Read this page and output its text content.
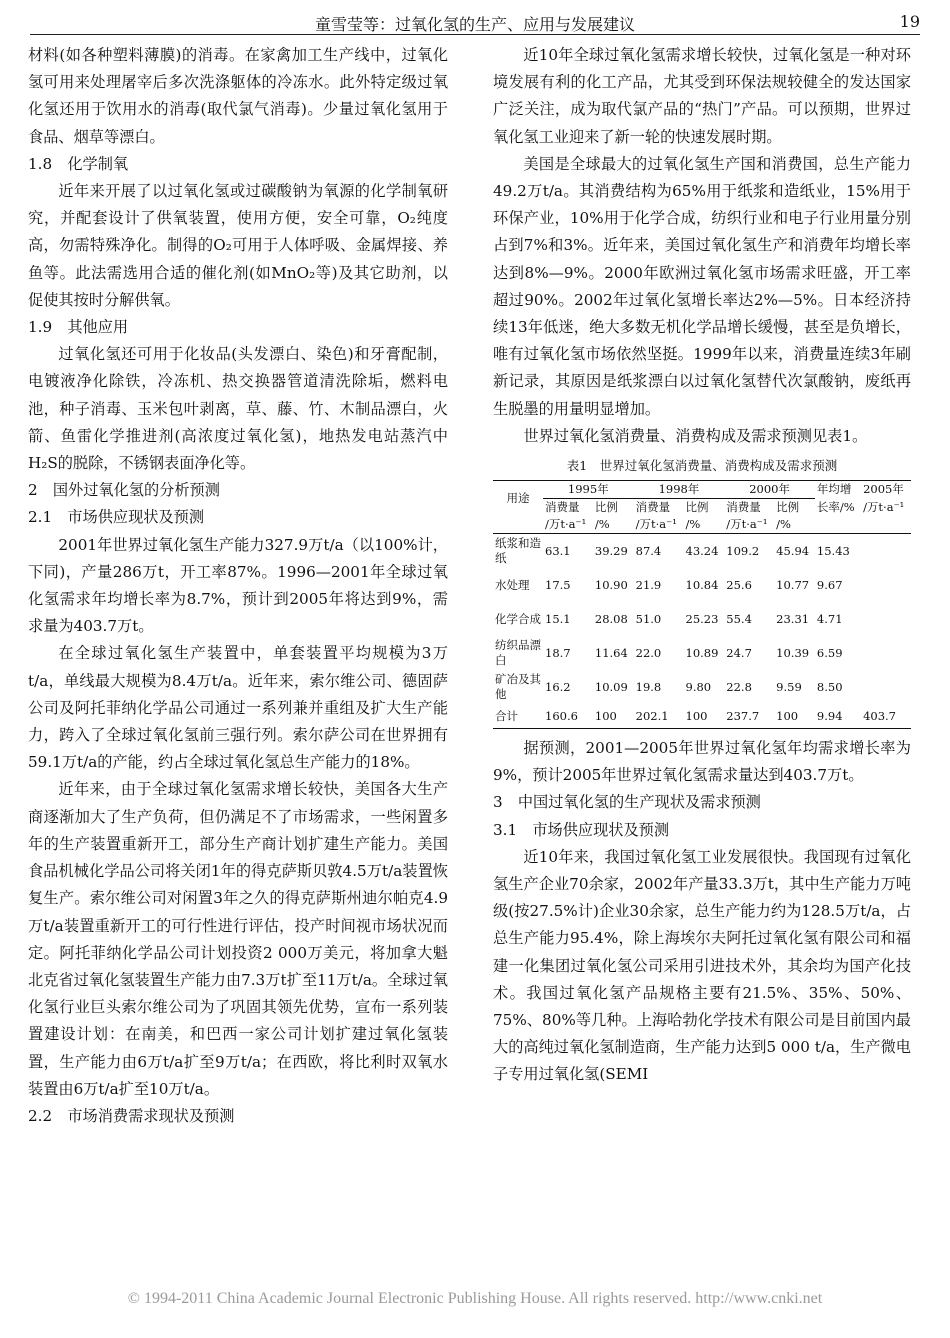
童雪莹等：过氧化氢的生产、应用与发展建议	19

材料(如各种塑料薄膜)的消毒。在家禽加工生产线中，过氧化氢可用来处理屠宰后多次洗涤躯体的冷冻水。此外特定级过氧化氢还用于饮用水的消毒(取代氯气消毒)。少量过氧化氢用于食品、烟草等漂白。

1.8　化学制氧

近年来开展了以过氧化氢或过碳酸钠为氧源的化学制氧研究，并配套设计了供氧装置，使用方便，安全可靠，O₂纯度高，勿需特殊净化。制得的O₂可用于人体呼吸、金属焊接、养鱼等。此法需选用合适的催化剂(如MnO₂等)及其它助剂，以促使其按时分解供氧。

1.9　其他应用

过氧化氢还可用于化妆品(头发漂白、染色)和牙膏配制，电镀液净化除铁，冷冻机、热交换器管道清洗除垢，燃料电池，种子消毒、玉米包叶剥离，草、藤、竹、木制品漂白，火箭、鱼雷化学推进剂(高浓度过氧化氢)，地热发电站蒸汽中H₂S的脱除，不锈钢表面净化等。

2　国外过氧化氢的分析预测

2.1　市场供应现状及预测

2001年世界过氧化氢生产能力327.9万t/a（以100%计，下同)，产量286万t，开工率87%。1996—2001年全球过氧化氢需求年均增长率为8.7%，预计到2005年将达到9%，需求量为403.7万t。

在全球过氧化氢生产装置中，单套装置平均规模为3万t/a，单线最大规模为8.4万t/a。近年来，索尔维公司、德固萨公司及阿托菲纳化学品公司通过一系列兼并重组及扩大生产能力，跨入了全球过氧化氢前三强行列。索尔萨公司在世界拥有59.1万t/a的产能，约占全球过氧化氢总生产能力的18%。

近年来，由于全球过氧化氢需求增长较快，美国各大生产商逐渐加大了生产负荷，但仍满足不了市场需求，一些闲置多年的生产装置重新开工，部分生产商计划扩建生产能力。美国食品机械化学品公司将关闭1年的得克萨斯贝敦4.5万t/a装置恢复生产。索尔维公司对闲置3年之久的得克萨斯州迪尔帕克4.9万t/a装置重新开工的可行性进行评估，投产时间视市场状况而定。阿托菲纳化学品公司计划投资2 000万美元，将加拿大魁北克省过氧化氢装置生产能力由7.3万t扩至11万t/a。全球过氧化氢行业巨头索尔维公司为了巩固其领先优势，宣布一系列装置建设计划：在南美，和巴西一家公司计划扩建过氧化氢装置，生产能力由6万t/a扩至9万t/a；在西欧，将比利时双氧水装置由6万t/a扩至10万t/a。

2.2　市场消费需求现状及预测

近10年全球过氧化氢需求增长较快，过氧化氢是一种对环境发展有利的化工产品，尤其受到环保法规较健全的发达国家广泛关注，成为取代氯产品的“热门”产品。可以预期，世界过氧化氢工业迎来了新一轮的快速发展时期。

美国是全球最大的过氧化氢生产国和消费国，总生产能力49.2万t/a。其消费结构为65%用于纸浆和造纸业，15%用于环保产业，10%用于化学合成，纺织行业和电子行业用量分别占到7%和3%。近年来，美国过氧化氢生产和消费年均增长率达到8%—9%。2000年欧洲过氧化氢市场需求旺盛，开工率超过90%。2002年过氧化氢增长率达2%—5%。日本经济持续13年低迷，绝大多数无机化学品增长缓慢，甚至是负增长，唯有过氧化氢市场依然坚挺。1999年以来，消费量连续3年刷新记录，其原因是纸浆漂白以过氧化氢替代次氯酸钠，废纸再生脱墨的用量明显增加。

世界过氧化氢消费量、消费构成及需求预测见表1。

表1　世界过氧化氢消费量、消费构成及需求预测
用途	1995年		1998年		2000年		年均增	2005年
	消费量	比例	消费量	比例	消费量	比例	长率/%	/万t·a⁻¹
	/万t·a⁻¹	/%	/万t·a⁻¹	/%	/万t·a⁻¹	/%		
纸浆和造纸	63.1	39.29	87.4	43.24	109.2	45.94	15.43	
水处理	17.5	10.90	21.9	10.84	25.6	10.77	9.67	
化学合成	15.1	28.08	51.0	25.23	55.4	23.31	4.71	
纺织品漂白	18.7	11.64	22.0	10.89	24.7	10.39	6.59	
矿冶及其他	16.2	10.09	19.8	9.80	22.8	9.59	8.50	
合计	160.6	100	202.1	100	237.7	100	9.94	403.7

据预测，2001—2005年世界过氧化氢年均需求增长率为9%，预计2005年世界过氧化氢需求量达到403.7万t。

3　中国过氧化氢的生产现状及需求预测

3.1　市场供应现状及预测

近10年来，我国过氧化氢工业发展很快。我国现有过氧化氢生产企业70余家，2002年产量33.3万t，其中生产能力万吨级(按27.5%计)企业30余家，总生产能力约为128.5万t/a，占总生产能力95.4%，除上海埃尔夫阿托过氧化氢有限公司和福建一化集团过氧化氢公司采用引进技术外，其余均为国产化技术。我国过氧化氢产品规格主要有21.5%、35%、50%、75%、80%等几种。上海哈勃化学技术有限公司是目前国内最大的高纯过氧化氢制造商，生产能力达到5 000 t/a，生产微电子专用过氧化氢(SEMI

© 1994-2011 China Academic Journal Electronic Publishing House. All rights reserved. http://www.cnki.net
